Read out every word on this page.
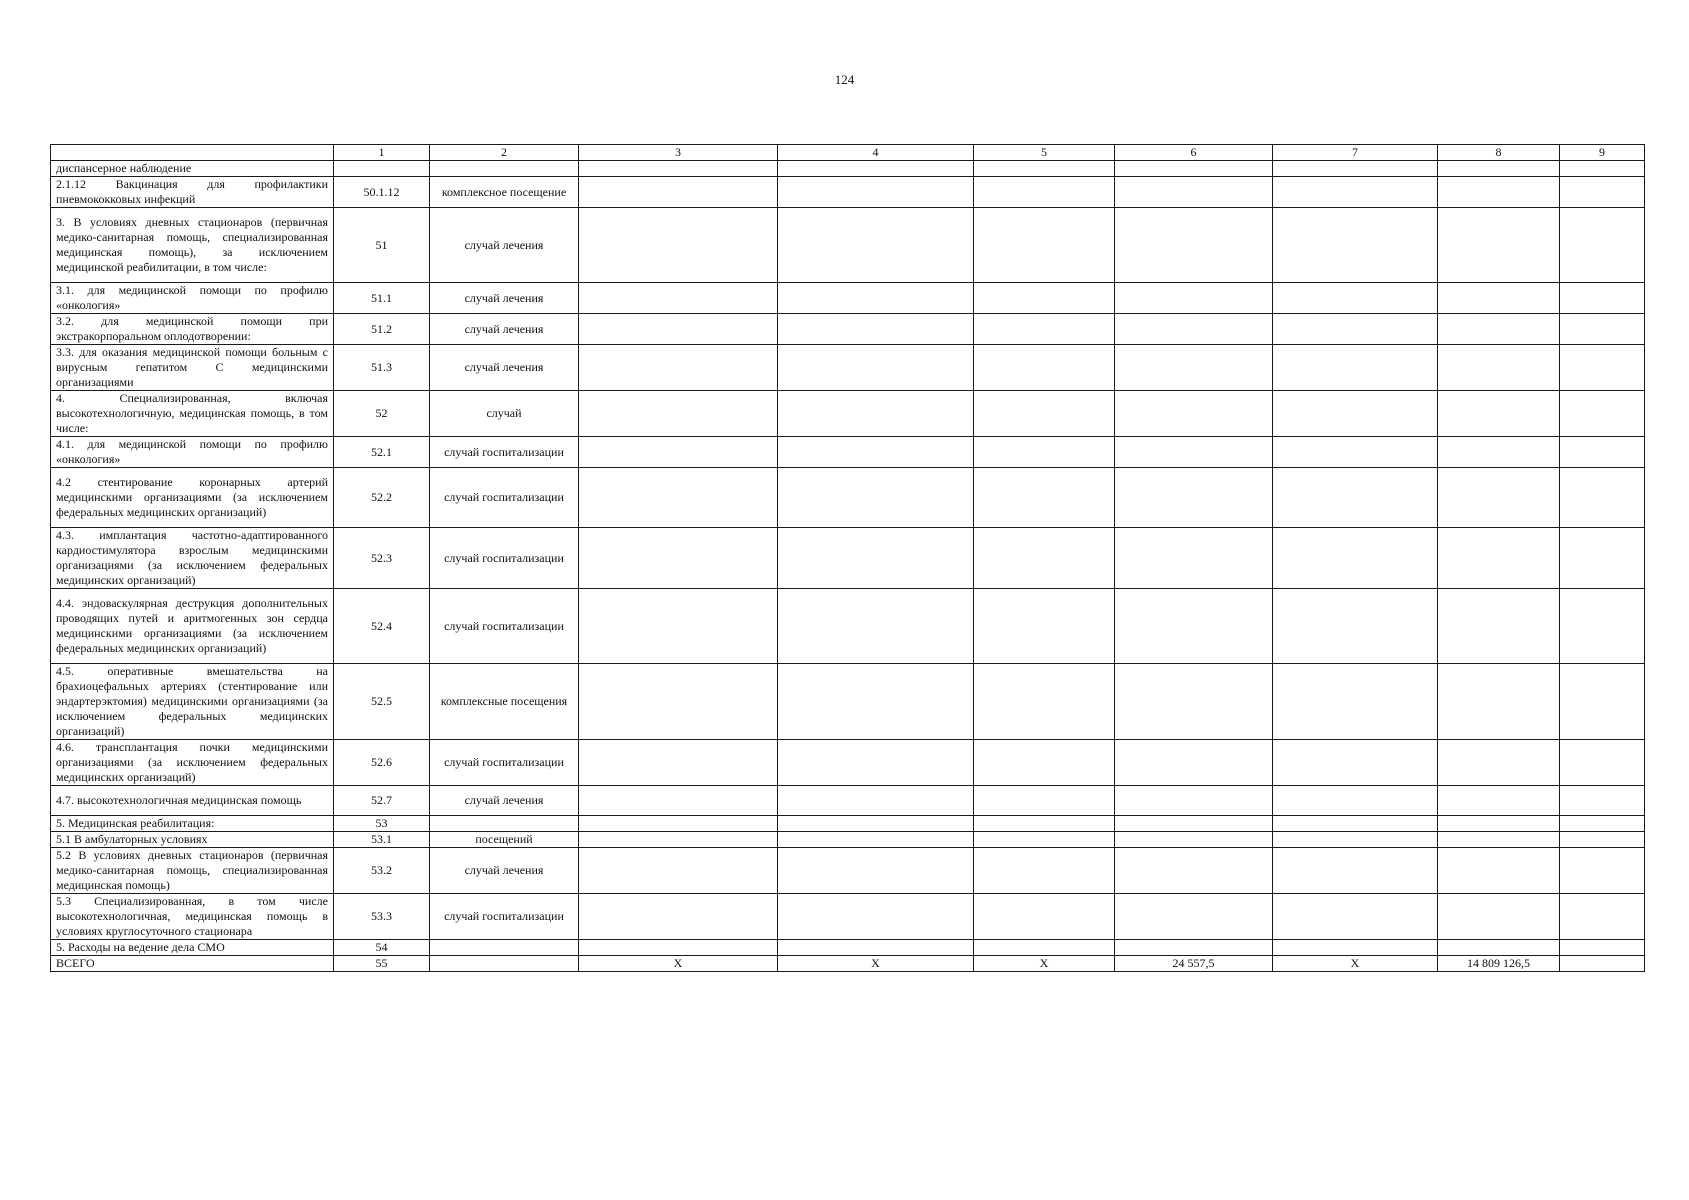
124
	1	2	3	4	5	6	7	8	9
диспансерное наблюдение									
2.1.12 Вакцинация для профилактики пневмококковых инфекций	50.1.12	комплексное посещение							
3. В условиях дневных стационаров (первичная медико-санитарная помощь, специализированная медицинская помощь), за исключением медицинской реабилитации, в том числе:	51	случай лечения							
3.1. для медицинской помощи по профилю «онкология»	51.1	случай лечения							
3.2. для медицинской помощи при экстракорпоральном оплодотворении:	51.2	случай лечения							
3.3. для оказания медицинской помощи больным с вирусным гепатитом С медицинскими организациями	51.3	случай лечения							
4. Специализированная, включая высокотехнологичную, медицинская помощь, в том числе:	52	случай							
4.1. для медицинской помощи по профилю «онкология»	52.1	случай госпитализации							
4.2 стентирование коронарных артерий медицинскими организациями (за исключением федеральных медицинских организаций)	52.2	случай госпитализации							
4.3. имплантация частотно-адаптированного кардиостимулятора взрослым медицинскими организациями (за исключением федеральных медицинских организаций)	52.3	случай госпитализации							
4.4. эндоваскулярная деструкция дополнительных проводящих путей и аритмогенных зон сердца медицинскими организациями (за исключением федеральных медицинских организаций)	52.4	случай госпитализации							
4.5. оперативные вмешательства на брахиоцефальных артериях (стентирование или эндартерэктомия) медицинскими организациями (за исключением федеральных медицинских организаций)	52.5	комплексные посещения							
4.6. трансплантация почки медицинскими организациями (за исключением федеральных медицинских организаций)	52.6	случай госпитализации							
4.7. высокотехнологичная медицинская помощь	52.7	случай лечения							
5. Медицинская реабилитация:	53								
5.1 В амбулаторных условиях	53.1	посещений							
5.2 В условиях дневных стационаров (первичная медико-санитарная помощь, специализированная медицинская помощь)	53.2	случай лечения							
5.3 Специализированная, в том числе высокотехнологичная, медицинская помощь в условиях круглосуточного стационара	53.3	случай госпитализации							
5. Расходы на ведение дела СМО	54								
ВСЕГО	55		Х	Х	Х	24 557,5	Х	14 809 126,5	
